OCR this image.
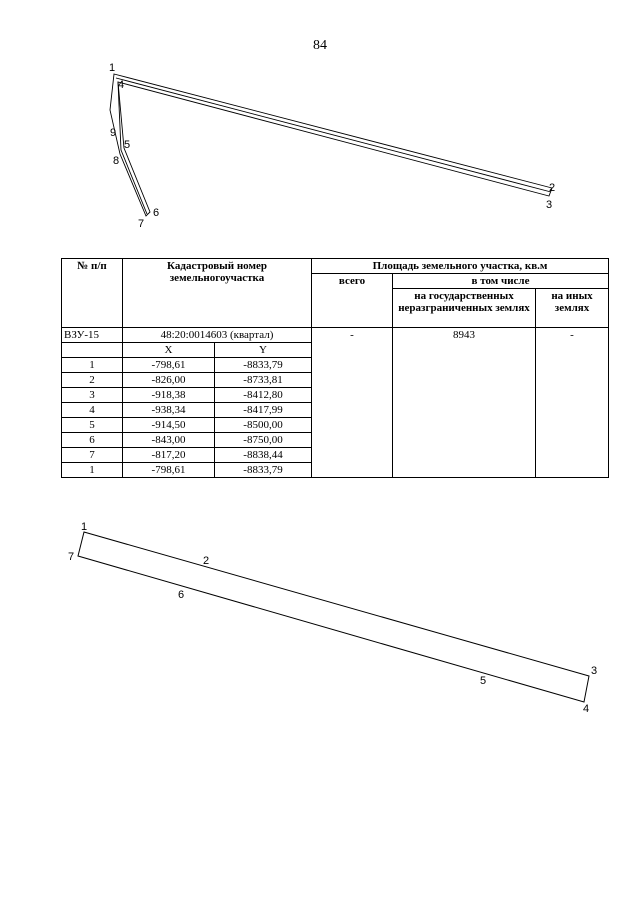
84
1
4
9
5
8
7
6
2
3
№ п/п	Кадастровый номер земельногоучастка		Площадь земельного участка, кв.м		
			всего	в том числе	
				на государственных неразграниченных землях	на иных землях
ВЗУ-15	48:20:0014603 (квартал)		-	8943	-
	X	Y			
1	-798,61	-8833,79			
2	-826,00	-8733,81			
3	-918,38	-8412,80			
4	-938,34	-8417,99			
5	-914,50	-8500,00			
6	-843,00	-8750,00			
7	-817,20	-8838,44			
1	-798,61	-8833,79			
1
7	2
6
3
5
4
